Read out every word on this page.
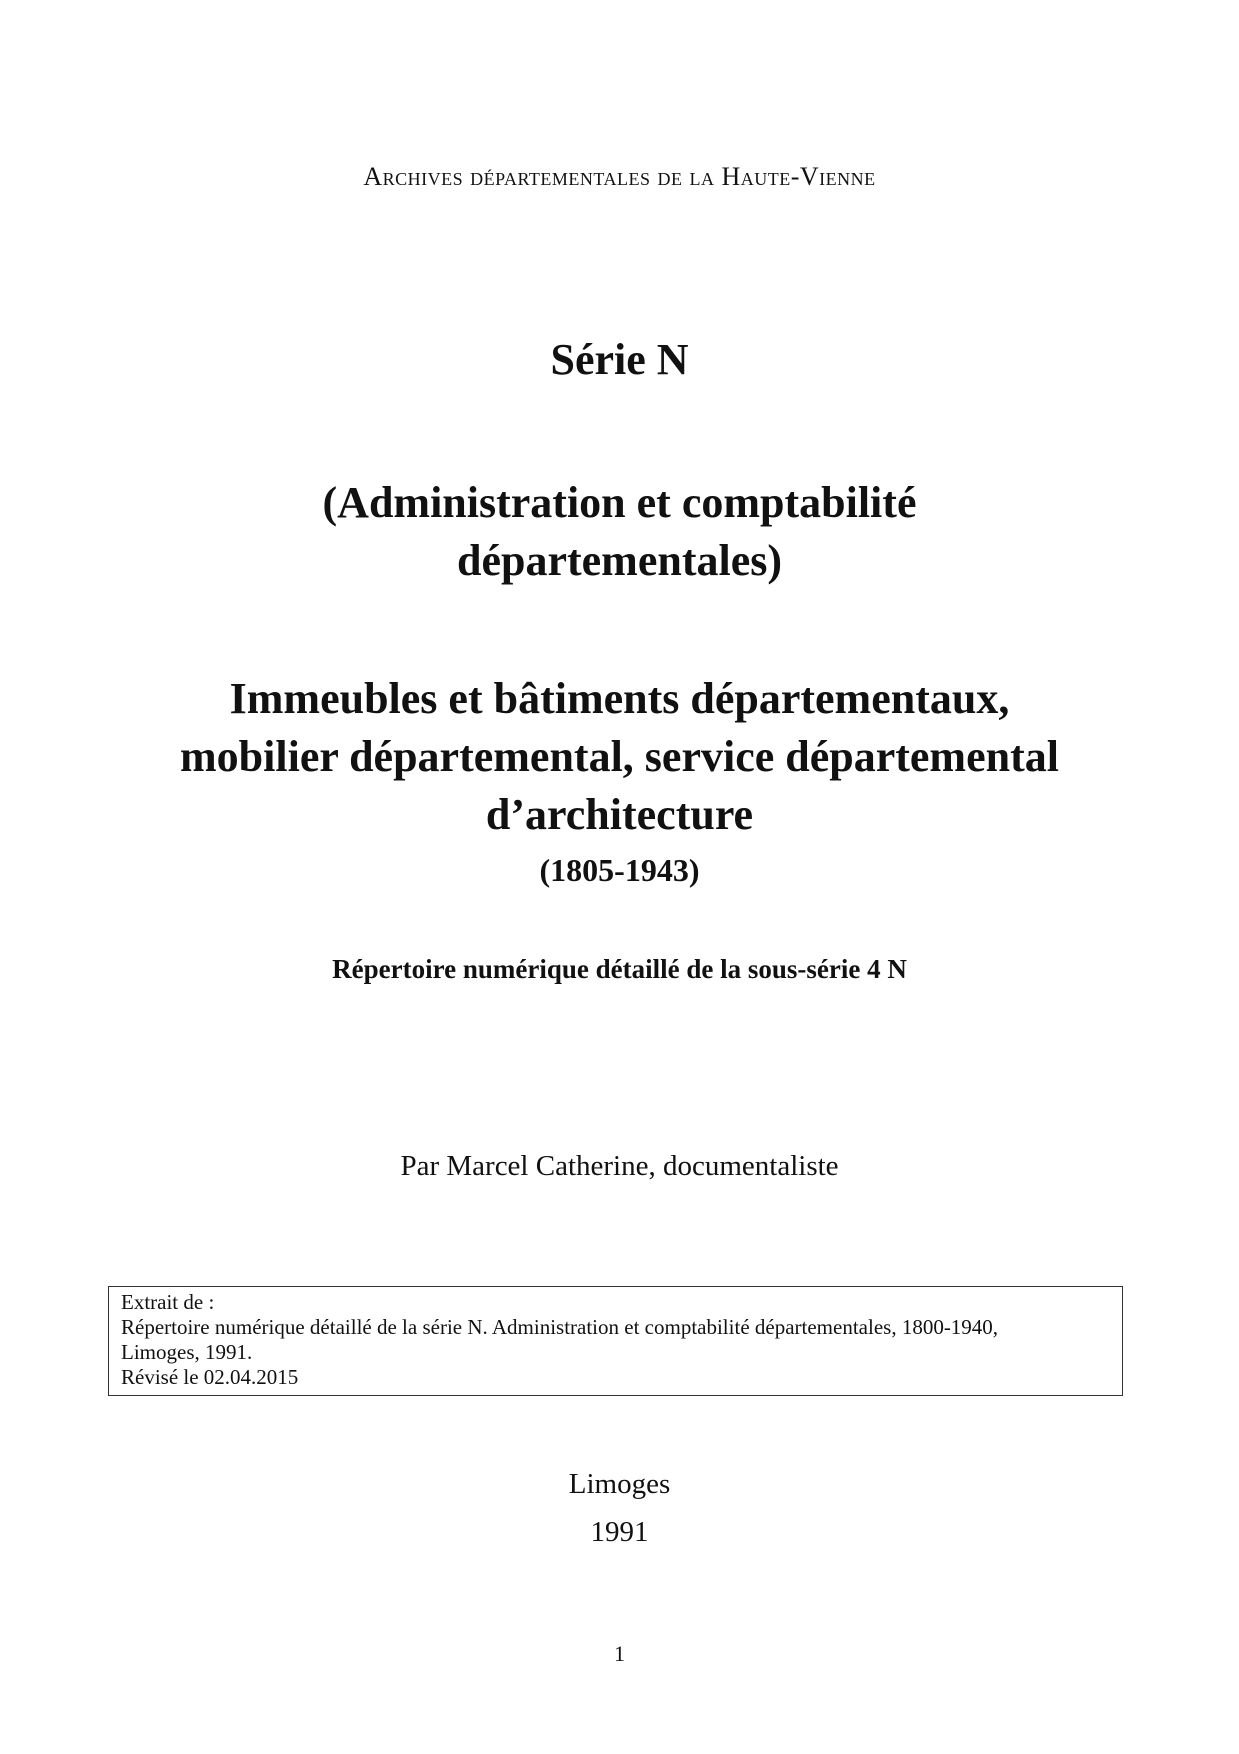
Archives départementales de la Haute-Vienne
Série N
(Administration et comptabilité
départementales)
Immeubles et bâtiments départementaux,
mobilier départemental, service départemental
d’architecture
(1805-1943)
Répertoire numérique détaillé de la sous-série 4 N
Par Marcel Catherine, documentaliste
Extrait de :
Répertoire numérique détaillé de la série N. Administration et comptabilité départementales, 1800-1940,
Limoges, 1991.
Révisé le 02.04.2015
Limoges
1991
1
